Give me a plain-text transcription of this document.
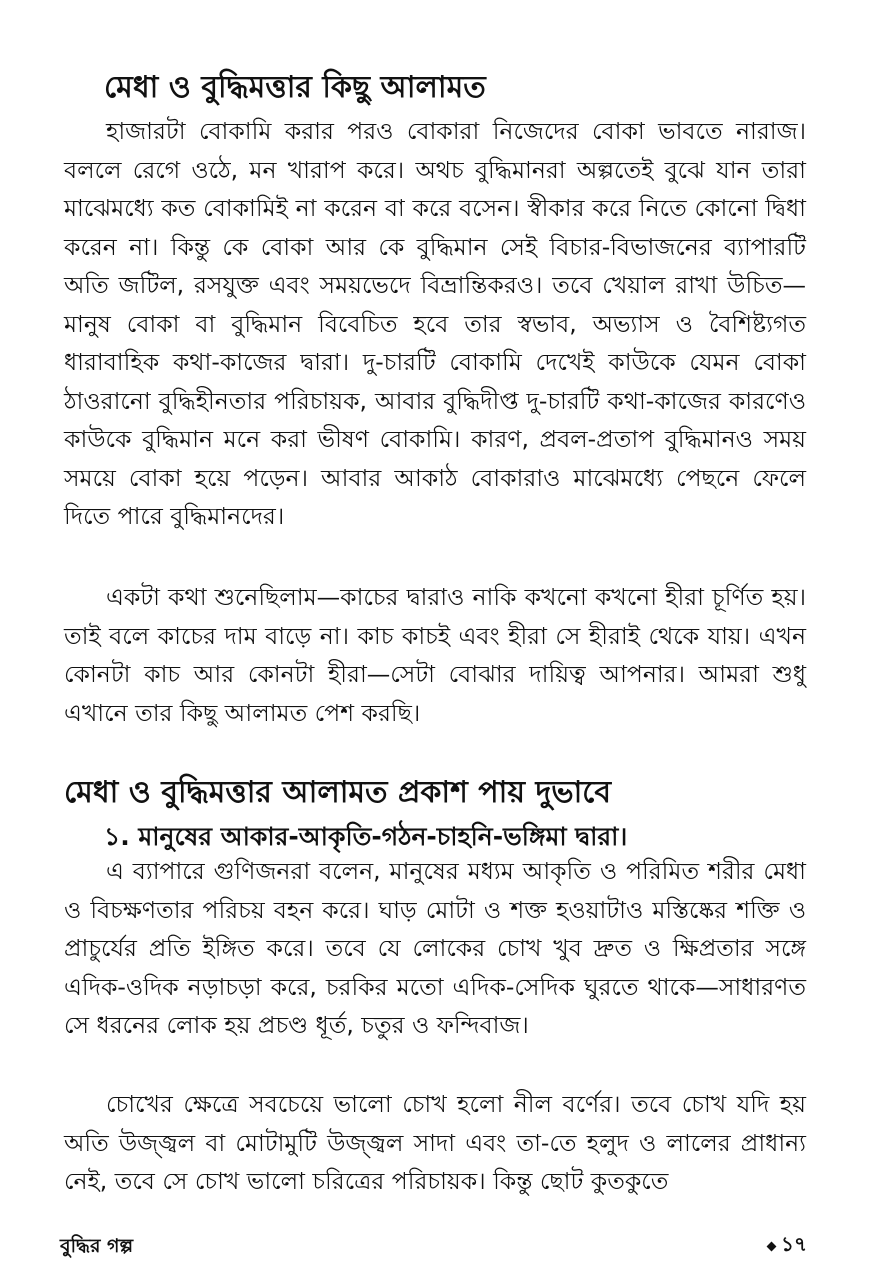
মেধা ও বুদ্ধিমত্তার কিছু আলামত

হাজারটা বোকামি করার পরও বোকারা নিজেদের বোকা ভাবতে নারাজ। বললে রেগে ওঠে, মন খারাপ করে। অথচ বুদ্ধিমানরা অল্পতেই বুঝে যান তারা মাঝেমধ্যে কত বোকামিই না করেন বা করে বসেন। স্বীকার করে নিতে কোনো দ্বিধা করেন না। কিন্তু কে বোকা আর কে বুদ্ধিমান সেই বিচার-বিভাজনের ব্যাপারটি অতি জটিল, রসযুক্ত এবং সময়ভেদে বিভ্রান্তিকরও। তবে খেয়াল রাখা উচিত—মানুষ বোকা বা বুদ্ধিমান বিবেচিত হবে তার স্বভাব, অভ্যাস ও বৈশিষ্ট্যগত ধারাবাহিক কথা-কাজের দ্বারা। দু-চারটি বোকামি দেখেই কাউকে যেমন বোকা ঠাওরানো বুদ্ধিহীনতার পরিচায়ক, আবার বুদ্ধিদীপ্ত দু-চারটি কথা-কাজের কারণেও কাউকে বুদ্ধিমান মনে করা ভীষণ বোকামি। কারণ, প্রবল-প্রতাপ বুদ্ধিমানও সময় সময়ে বোকা হয়ে পড়েন। আবার আকাঠ বোকারাও মাঝেমধ্যে পেছনে ফেলে দিতে পারে বুদ্ধিমানদের।

একটা কথা শুনেছিলাম—কাচের দ্বারাও নাকি কখনো কখনো হীরা চূর্ণিত হয়। তাই বলে কাচের দাম বাড়ে না। কাচ কাচই এবং হীরা সে হীরাই থেকে যায়। এখন কোনটা কাচ আর কোনটা হীরা—সেটা বোঝার দায়িত্ব আপনার। আমরা শুধু এখানে তার কিছু আলামত পেশ করছি।

মেধা ও বুদ্ধিমত্তার আলামত প্রকাশ পায় দুভাবে
১. মানুষের আকার-আকৃতি-গঠন-চাহনি-ভঙ্গিমা দ্বারা।

এ ব্যাপারে গুণিজনরা বলেন, মানুষের মধ্যম আকৃতি ও পরিমিত শরীর মেধা ও বিচক্ষণতার পরিচয় বহন করে। ঘাড় মোটা ও শক্ত হওয়াটাও মস্তিষ্কের শক্তি ও প্রাচুর্যের প্রতি ইঙ্গিত করে। তবে যে লোকের চোখ খুব দ্রুত ও ক্ষিপ্রতার সঙ্গে এদিক-ওদিক নড়াচড়া করে, চরকির মতো এদিক-সেদিক ঘুরতে থাকে—সাধারণত সে ধরনের লোক হয় প্রচণ্ড ধূর্ত, চতুর ও ফন্দিবাজ।

চোখের ক্ষেত্রে সবচেয়ে ভালো চোখ হলো নীল বর্ণের। তবে চোখ যদি হয় অতি উজ্জ্বল বা মোটামুটি উজ্জ্বল সাদা এবং তা-তে হলুদ ও লালের প্রাধান্য নেই, তবে সে চোখ ভালো চরিত্রের পরিচায়ক। কিন্তু ছোট কুতকুতে

বুদ্ধির গল্প	১৭
